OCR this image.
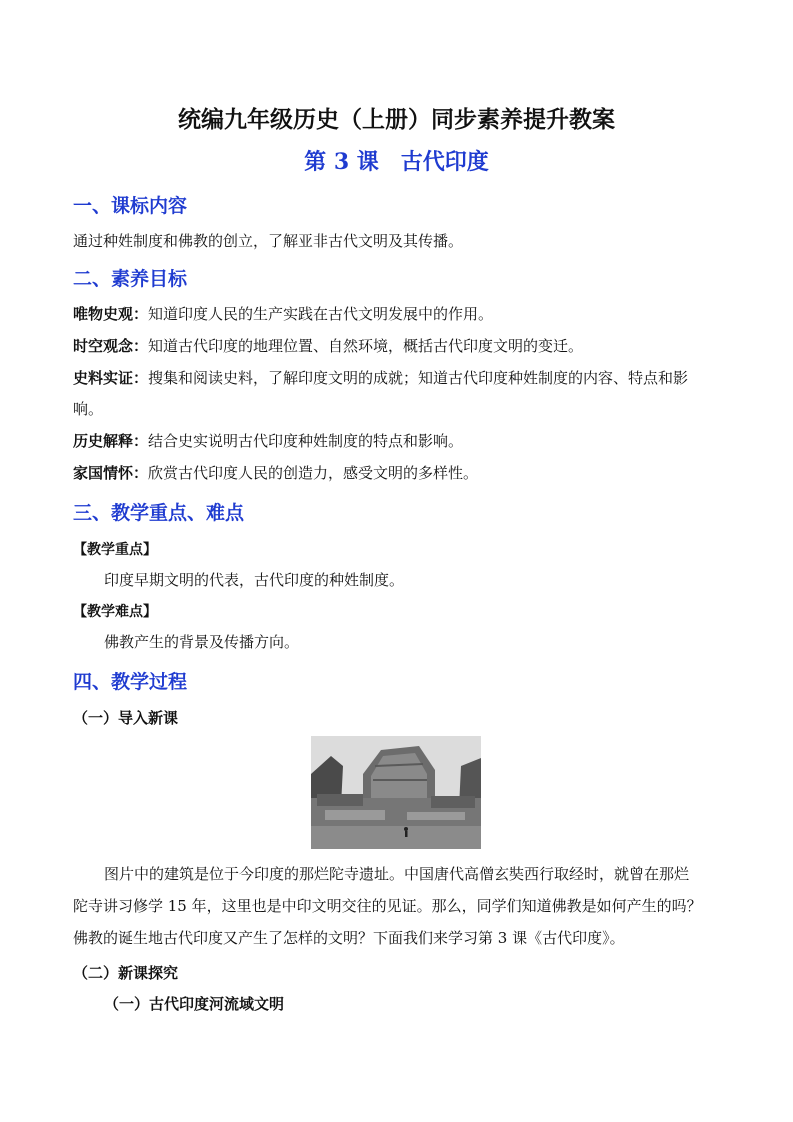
统编九年级历史（上册）同步素养提升教案
第 3 课　古代印度
一、课标内容

通过种姓制度和佛教的创立，了解亚非古代文明及其传播。

二、素养目标

唯物史观：知道印度人民的生产实践在古代文明发展中的作用。

时空观念：知道古代印度的地理位置、自然环境，概括古代印度文明的变迁。

史料实证：搜集和阅读史料，了解印度文明的成就；知道古代印度种姓制度的内容、特点和影

响。

历史解释：结合史实说明古代印度种姓制度的特点和影响。

家国情怀：欣赏古代印度人民的创造力，感受文明的多样性。

三、教学重点、难点
【教学重点】

印度早期文明的代表，古代印度的种姓制度。

【教学难点】

佛教产生的背景及传播方向。

四、教学过程
（一）导入新课

图片中的建筑是位于今印度的那烂陀寺遗址。中国唐代高僧玄奘西行取经时，就曾在那烂

陀寺讲习修学 15 年，这里也是中印文明交往的见证。那么，同学们知道佛教是如何产生的吗？

佛教的诞生地古代印度又产生了怎样的文明？下面我们来学习第 3 课《古代印度》。

（二）新课探究
（一）古代印度河流域文明
